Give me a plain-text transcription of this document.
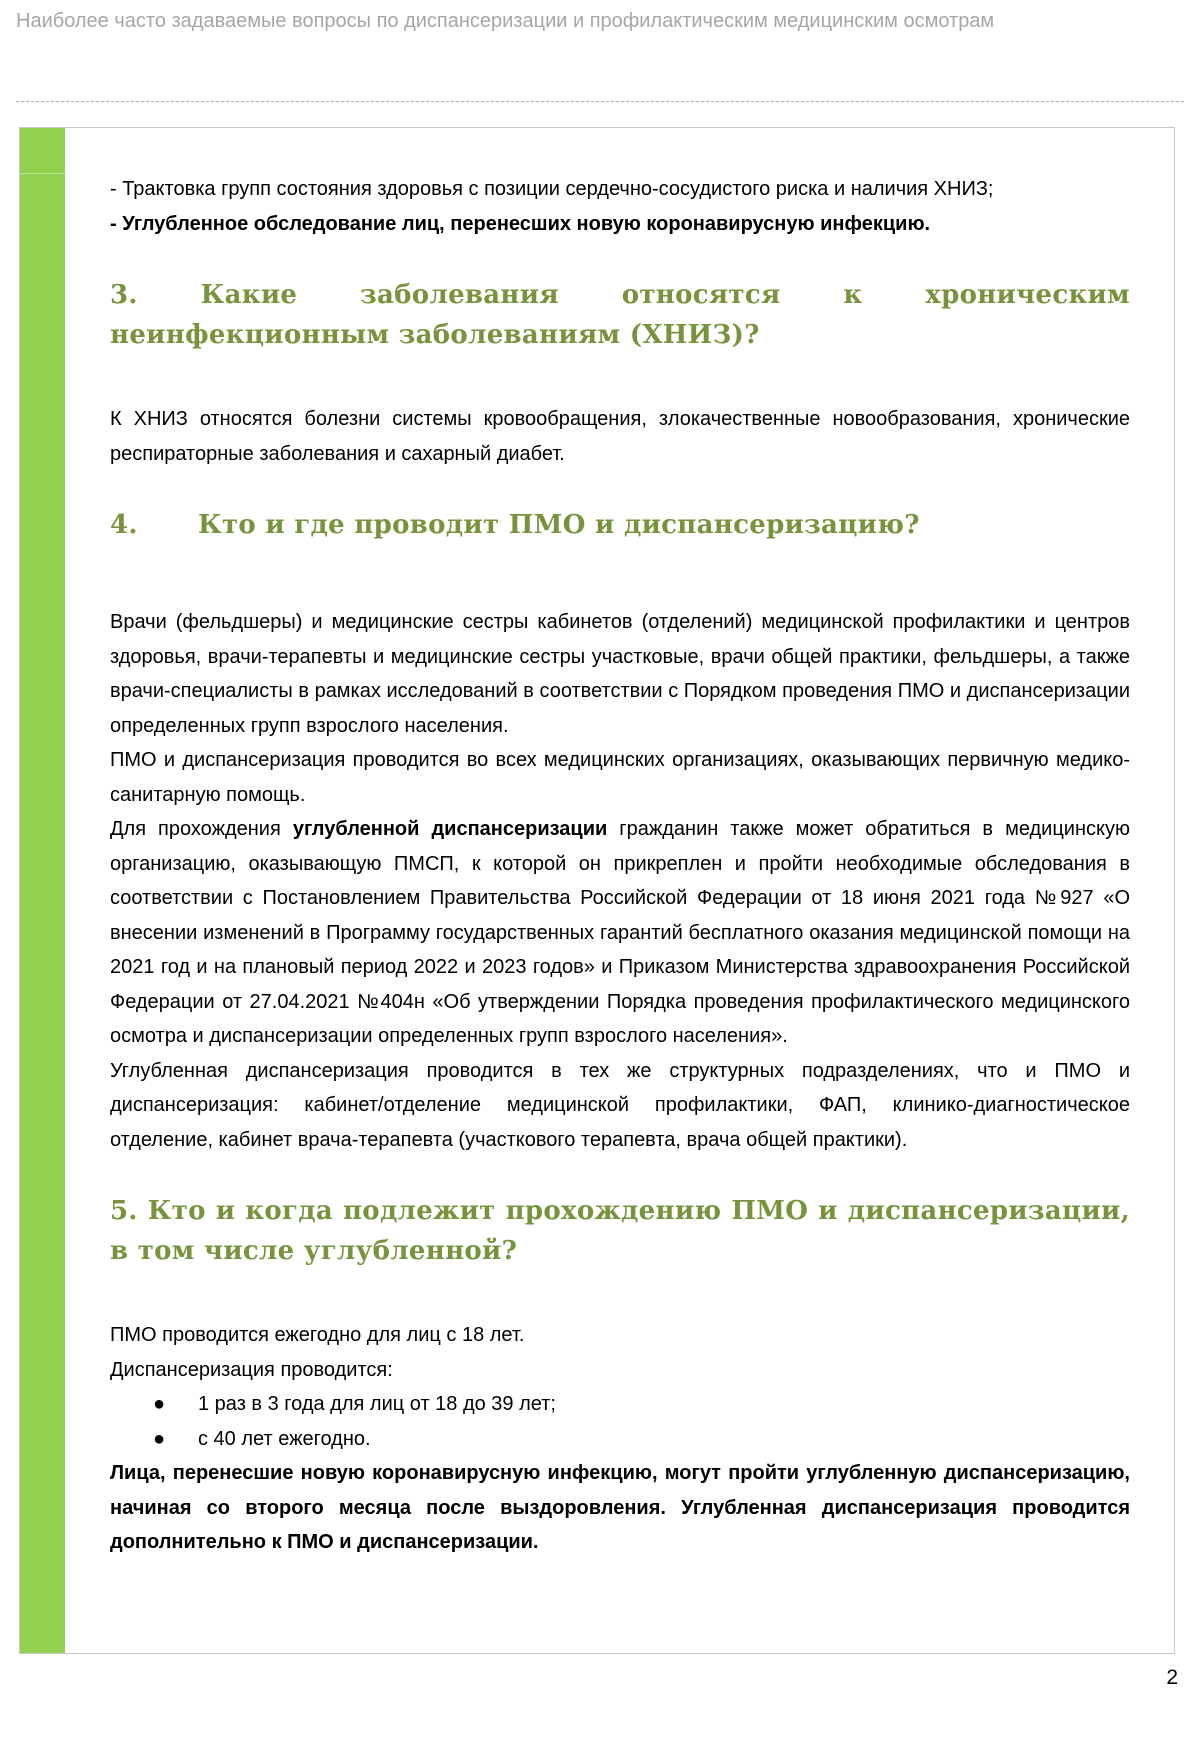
Наиболее часто задаваемые вопросы по диспансеризации и профилактическим медицинским осмотрам

- Трактовка групп состояния здоровья с позиции сердечно-сосудистого риска и наличия ХНИЗ;

- Углубленное обследование лиц, перенесших новую коронавирусную инфекцию.

3. Какие заболевания относятся к хроническим неинфекционным заболеваниям (ХНИЗ)?

К ХНИЗ относятся болезни системы кровообращения, злокачественные новообразования, хронические респираторные заболевания и сахарный диабет.

4. Кто и где проводит ПМО и диспансеризацию?

Врачи (фельдшеры) и медицинские сестры кабинетов (отделений) медицинской профилактики и центров здоровья, врачи-терапевты и медицинские сестры участковые, врачи общей практики, фельдшеры, а также врачи-специалисты в рамках исследований в соответствии с Порядком проведения ПМО и диспансеризации определенных групп взрослого населения.

ПМО и диспансеризация проводится во всех медицинских организациях, оказывающих первичную медико-санитарную помощь.

Для прохождения углубленной диспансеризации гражданин также может обратиться в медицинскую организацию, оказывающую ПМСП, к которой он прикреплен и пройти необходимые обследования в соответствии с Постановлением Правительства Российской Федерации от 18 июня 2021 года №927 «О внесении изменений в Программу государственных гарантий бесплатного оказания медицинской помощи на 2021 год и на плановый период 2022 и 2023 годов» и Приказом Министерства здравоохранения Российской Федерации от 27.04.2021 №404н «Об утверждении Порядка проведения профилактического медицинского осмотра и диспансеризации определенных групп взрослого населения».

Углубленная диспансеризация проводится в тех же структурных подразделениях, что и ПМО и диспансеризация: кабинет/отделение медицинской профилактики, ФАП, клинико-диагностическое отделение, кабинет врача-терапевта (участкового терапевта, врача общей практики).

5. Кто и когда подлежит прохождению ПМО и диспансеризации, в том числе углубленной?

ПМО проводится ежегодно для лиц с 18 лет.

Диспансеризация проводится:

● 1 раз в 3 года для лиц от 18 до 39 лет;
● с 40 лет ежегодно.

Лица, перенесшие новую коронавирусную инфекцию, могут пройти углубленную диспансеризацию, начиная со второго месяца после выздоровления. Углубленная диспансеризация проводится дополнительно к ПМО и диспансеризации.

2
